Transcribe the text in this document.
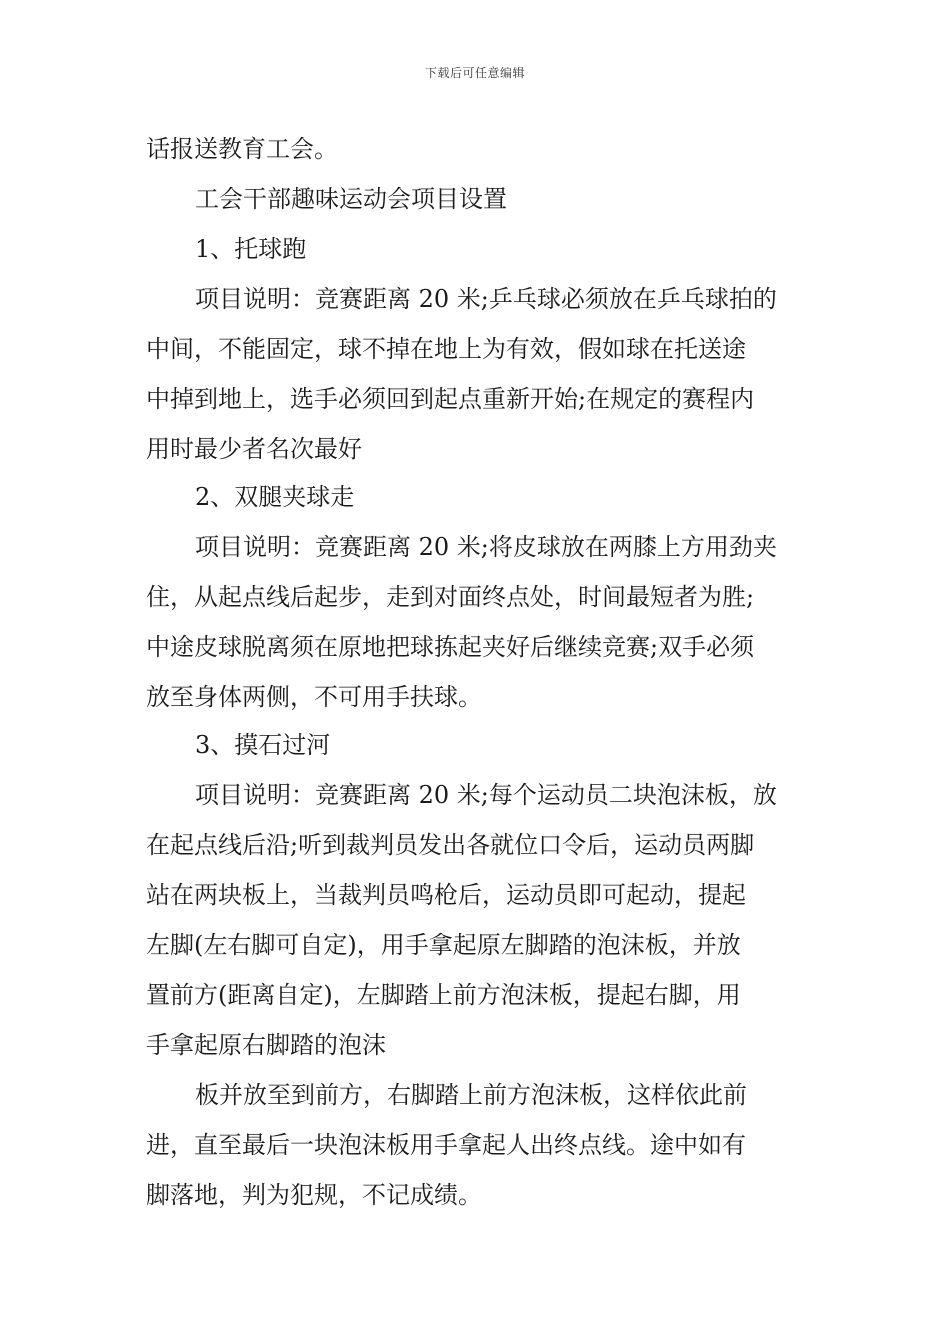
下载后可任意编辑
话报送教育工会。
工会干部趣味运动会项目设置
1、托球跑
项目说明：竞赛距离 20 米;乒乓球必须放在乒乓球拍的
中间，不能固定，球不掉在地上为有效，假如球在托送途
中掉到地上，选手必须回到起点重新开始;在规定的赛程内
用时最少者名次最好
2、双腿夹球走
项目说明：竞赛距离 20 米;将皮球放在两膝上方用劲夹
住，从起点线后起步，走到对面终点处，时间最短者为胜;
中途皮球脱离须在原地把球拣起夹好后继续竞赛;双手必须
放至身体两侧，不可用手扶球。
3、摸石过河
项目说明：竞赛距离 20 米;每个运动员二块泡沫板，放
在起点线后沿;听到裁判员发出各就位口令后，运动员两脚
站在两块板上，当裁判员鸣枪后，运动员即可起动，提起
左脚(左右脚可自定)，用手拿起原左脚踏的泡沫板，并放
置前方(距离自定)，左脚踏上前方泡沫板，提起右脚，用
手拿起原右脚踏的泡沫
板并放至到前方，右脚踏上前方泡沫板，这样依此前
进，直至最后一块泡沫板用手拿起人出终点线。途中如有
脚落地，判为犯规，不记成绩。
